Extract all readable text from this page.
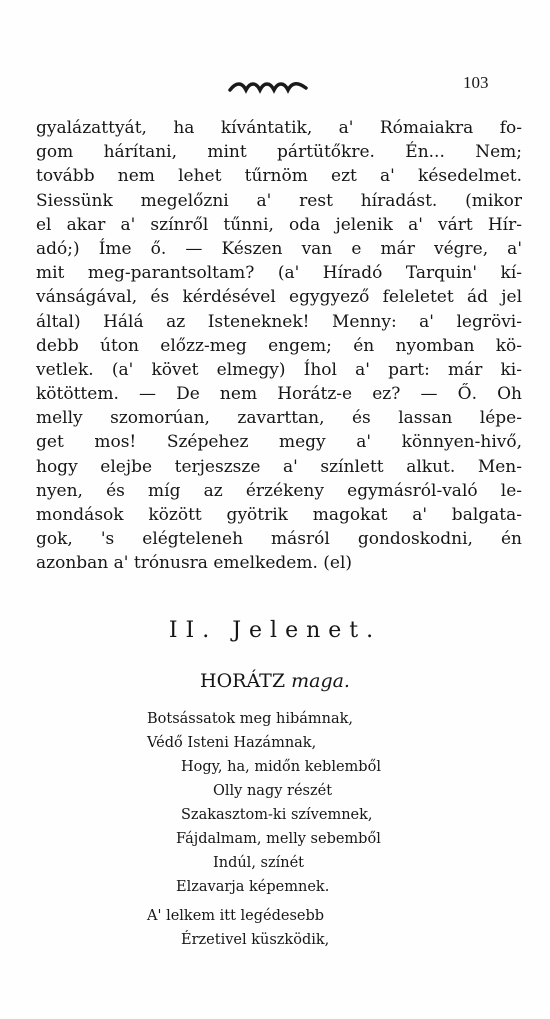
103
gyalázattyát, ha kívántatik, a' Rómaiakra fo-
gom hárítani, mint pártütőkre. Én... Nem;
tovább nem lehet tűrnöm ezt a' késedelmet.
Siessünk megelőzni a' rest híradást. (mikor
el akar a' színről tűnni, oda jelenik a' várt Hír-
adó;) Íme ő. — Készen van e már végre, a'
mit meg-parantsoltam? (a' Híradó Tarquin' kí-
vánságával, és kérdésével egygyező feleletet ád jel
által) Hálá az Isteneknek! Menny: a' legrövi-
debb úton előzz-meg engem; én nyomban kö-
vetlek. (a' követ elmegy) Íhol a' part: már ki-
kötöttem. — De nem Horátz-e ez? — Ő. Oh
melly szomorúan, zavarttan, és lassan lépe-
get mos! Szépehez megy a' könnyen-hivő,
hogy elejbe terjeszsze a' színlett alkut. Men-
nyen, és míg az érzékeny egymásról-való le-
mondások között gyötrik magokat a' balgata-
gok, 's elégteleneh másról gondoskodni, én
azonban a' trónusra emelkedem. (el)
II. Jelenet.
HORÁTZ maga.
Botsássatok meg hibámnak,
Védő Isteni Hazámnak,
Hogy, ha, midőn keblemből
Olly nagy részét
Szakasztom-ki szívemnek,
Fájdalmam, melly sebemből
Indúl, színét
Elzavarja képemnek.
A' lelkem itt legédesebb
Érzetivel küszködik,
